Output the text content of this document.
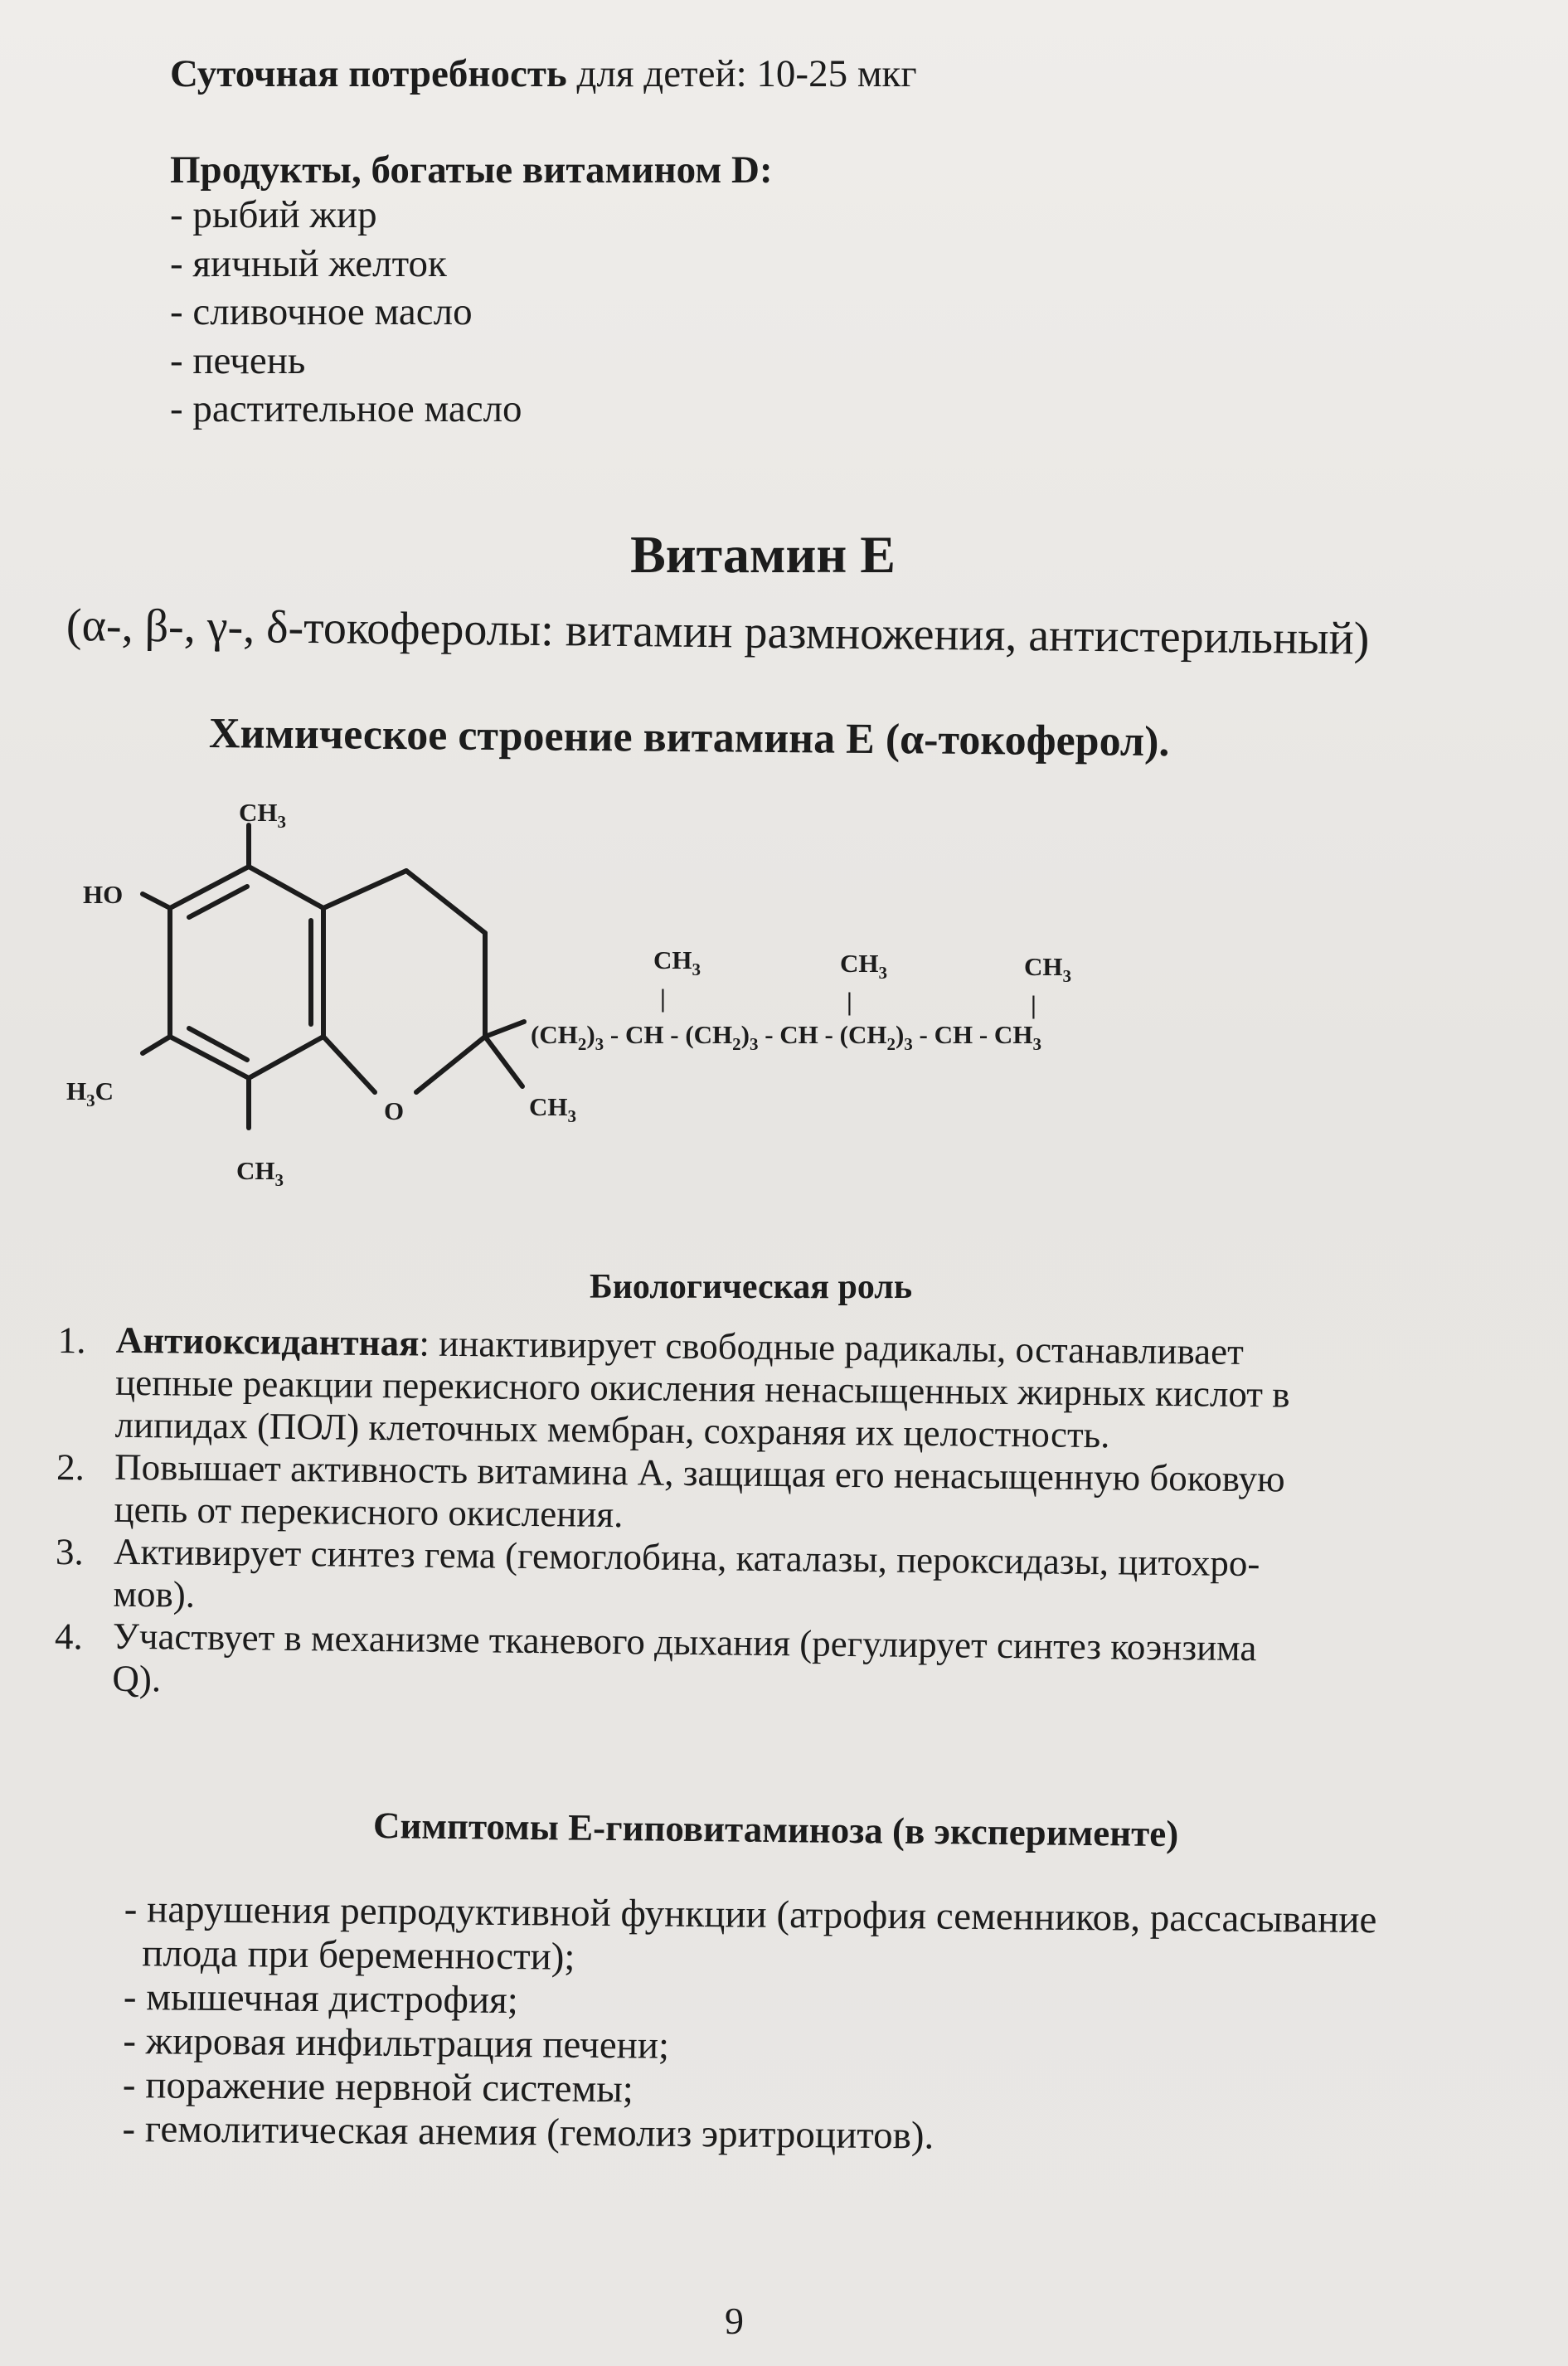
Суточная потребность для детей: 10-25 мкг
Продукты, богатые витамином D:
- рыбий жир
- яичный желток
- сливочное масло
- печень
- растительное масло
Витамин Е
(α-, β-, γ-, δ-токоферолы: витамин размножения, антистерильный)
Химическое строение витамина Е (α-токоферол).
$CH_3$
HO
$H_3C$
$CH_3$
O	$CH_3$
$(CH_2)_3$ - CH - $(CH_2)_3$ - CH - $(CH_2)_3$ - CH - $CH_3$
$CH_3$	$CH_3$	$CH_3$
|	|	|
Биологическая роль
1. Антиоксидантная: инактивирует свободные радикалы, останавливает
цепные реакции перекисного окисления ненасыщенных жирных кислот в
липидах (ПОЛ) клеточных мембран, сохраняя их целостность.
2. Повышает активность витамина А, защищая его ненасыщенную боковую
цепь от перекисного окисления.
3. Активирует синтез гема (гемоглобина, каталазы, пероксидазы, цитохро-
мов).
4. Участвует в механизме тканевого дыхания (регулирует синтез коэнзима
Q).
Симптомы Е-гиповитаминоза (в эксперименте)
- нарушения репродуктивной функции (атрофия семенников, рассасывание
плода при беременности);
- мышечная дистрофия;
- жировая инфильтрация печени;
- поражение нервной системы;
- гемолитическая анемия (гемолиз эритроцитов).
9
